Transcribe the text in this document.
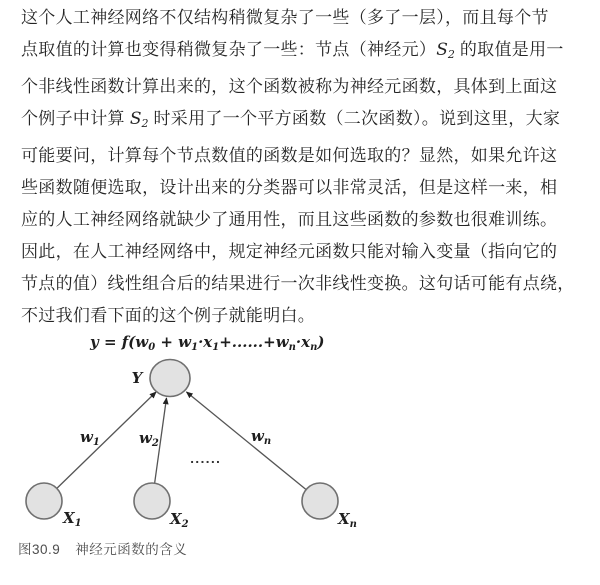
这个人工神经网络不仅结构稍微复杂了一些（多了一层），而且每个节
点取值的计算也变得稍微复杂了一些：节点（神经元）S2 的取值是用一
个非线性函数计算出来的，这个函数被称为神经元函数，具体到上面这
个例子中计算 S2 时采用了一个平方函数（二次函数）。说到这里，大家
可能要问，计算每个节点数值的函数是如何选取的？显然，如果允许这
些函数随便选取，设计出来的分类器可以非常灵活，但是这样一来，相
应的人工神经网络就缺少了通用性，而且这些函数的参数也很难训练。
因此，在人工神经网络中，规定神经元函数只能对输入变量（指向它的
节点的值）线性组合后的结果进行一次非线性变换。这句话可能有点绕，
不过我们看下面的这个例子就能明白。
$y = f(w_0 + w_1\cdot x_1+......+w_n\cdot x_n)$
Y
$w_1$	$w_2$	$w_n$
......
$X_1$	$X_2$	$X_n$
图30.9 神经元函数的含义
